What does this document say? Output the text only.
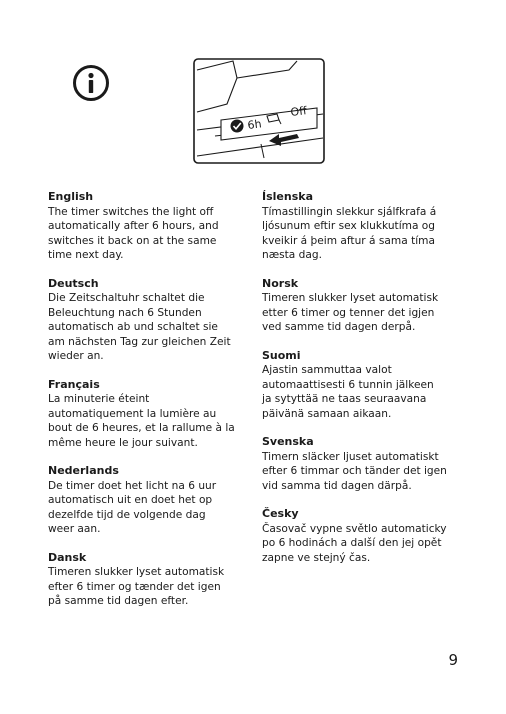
6h
Off
English

The timer switches the light off
automatically after 6 hours, and
switches it back on at the same
time next day.

Deutsch

Die Zeitschaltuhr schaltet die
Beleuchtung nach 6 Stunden
automatisch ab und schaltet sie
am nächsten Tag zur gleichen Zeit
wieder an.

Français

La minuterie éteint
automatiquement la lumière au
bout de 6 heures, et la rallume à la
même heure le jour suivant.

Nederlands

De timer doet het licht na 6 uur
automatisch uit en doet het op
dezelfde tijd de volgende dag
weer aan.

Dansk

Timeren slukker lyset automatisk
efter 6 timer og tænder det igen
på samme tid dagen efter.

Íslenska

Tímastillingin slekkur sjálfkrafa á
ljósunum eftir sex klukkutíma og
kveikir á þeim aftur á sama tíma
næsta dag.

Norsk

Timeren slukker lyset automatisk
etter 6 timer og tenner det igjen
ved samme tid dagen derpå.

Suomi

Ajastin sammuttaa valot
automaattisesti 6 tunnin jälkeen
ja sytyttää ne taas seuraavana
päivänä samaan aikaan.

Svenska

Timern släcker ljuset automatiskt
efter 6 timmar och tänder det igen
vid samma tid dagen därpå.

Česky

Časovač vypne světlo automaticky
po 6 hodinách a další den jej opět
zapne ve stejný čas.

9
